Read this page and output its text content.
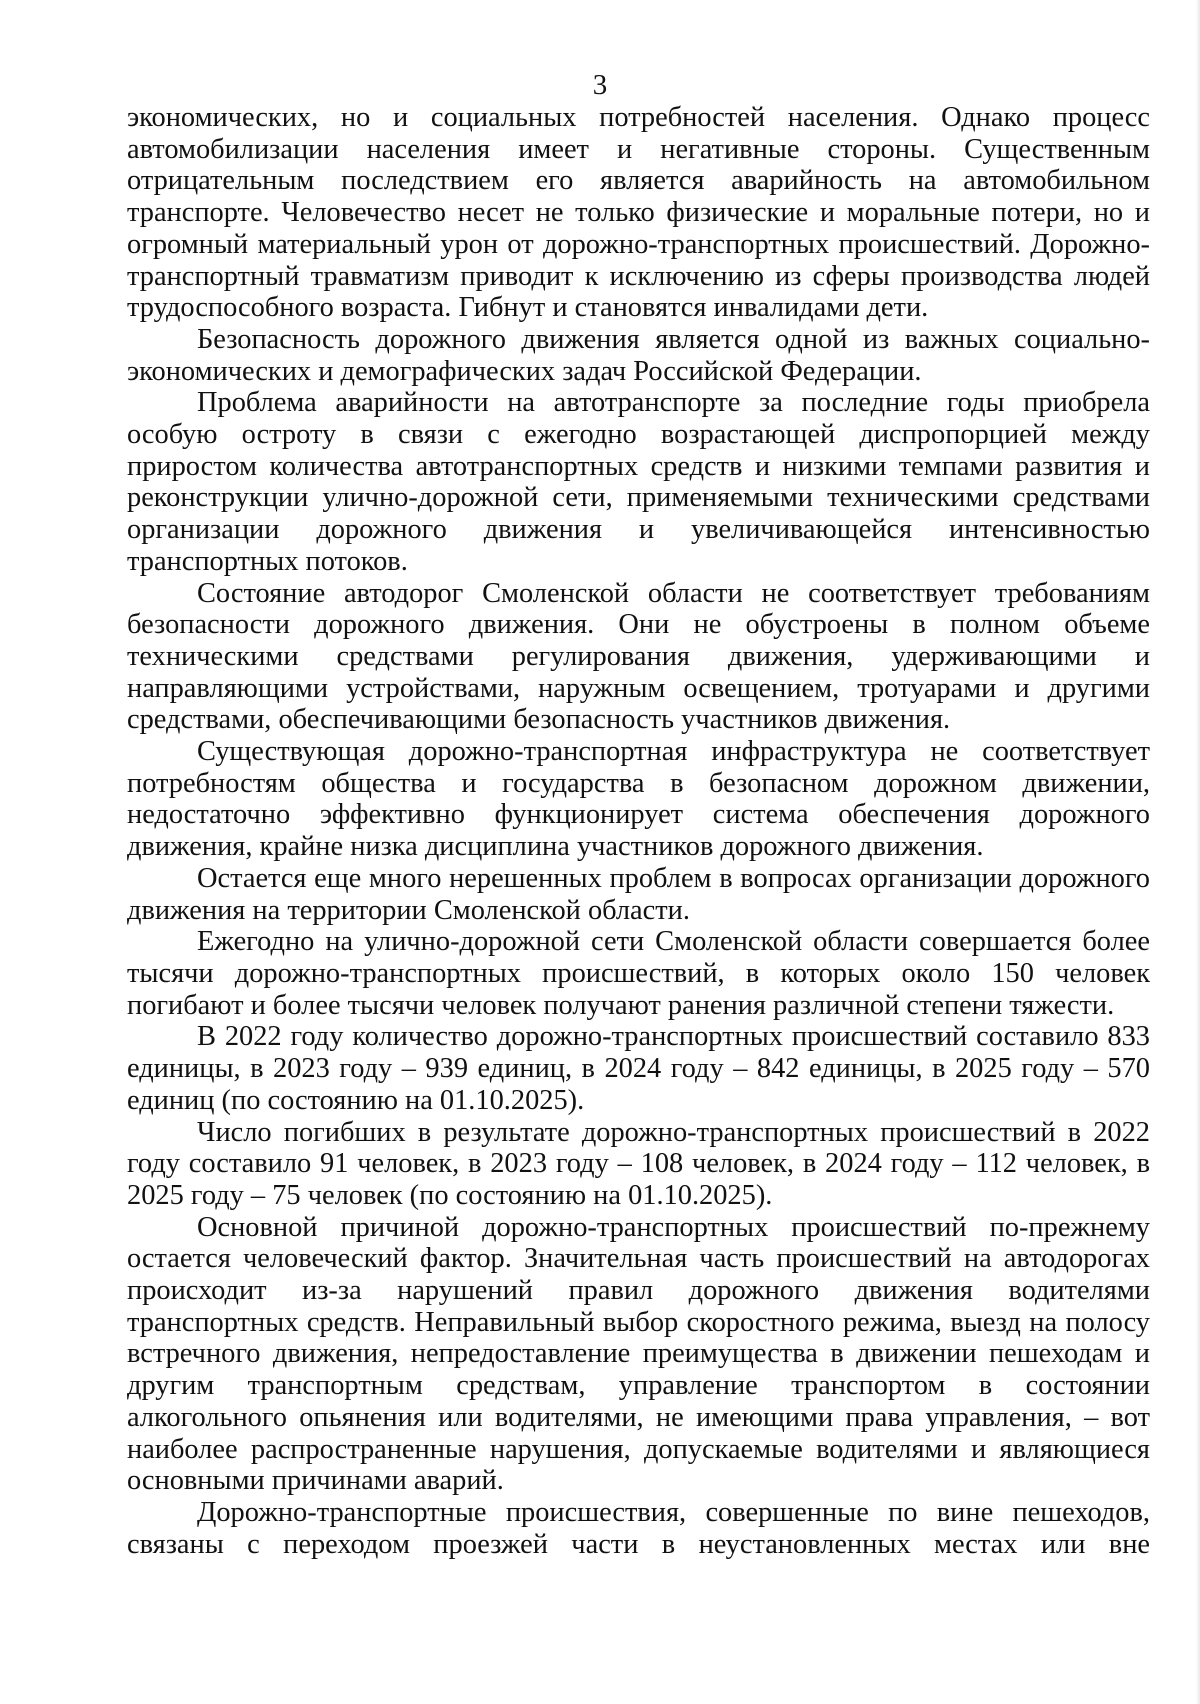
3

экономических, но и социальных потребностей населения. Однако процесс автомобилизации населения имеет и негативные стороны. Существенным отрицательным последствием его является аварийность на автомобильном транспорте. Человечество несет не только физические и моральные потери, но и огромный материальный урон от дорожно-транспортных происшествий. Дорожно-транспортный травматизм приводит к исключению из сферы производства людей трудоспособного возраста. Гибнут и становятся инвалидами дети.

Безопасность дорожного движения является одной из важных социально-экономических и демографических задач Российской Федерации.

Проблема аварийности на автотранспорте за последние годы приобрела особую остроту в связи с ежегодно возрастающей диспропорцией между приростом количества автотранспортных средств и низкими темпами развития и реконструкции улично-дорожной сети, применяемыми техническими средствами организации дорожного движения и увеличивающейся интенсивностью транспортных потоков.

Состояние автодорог Смоленской области не соответствует требованиям безопасности дорожного движения. Они не обустроены в полном объеме техническими средствами регулирования движения, удерживающими и направляющими устройствами, наружным освещением, тротуарами и другими средствами, обеспечивающими безопасность участников движения.

Существующая дорожно-транспортная инфраструктура не соответствует потребностям общества и государства в безопасном дорожном движении, недостаточно эффективно функционирует система обеспечения дорожного движения, крайне низка дисциплина участников дорожного движения.

Остается еще много нерешенных проблем в вопросах организации дорожного движения на территории Смоленской области.

Ежегодно на улично-дорожной сети Смоленской области совершается более тысячи дорожно-транспортных происшествий, в которых около 150 человек погибают и более тысячи человек получают ранения различной степени тяжести.

В 2022 году количество дорожно-транспортных происшествий составило 833 единицы, в 2023 году – 939 единиц, в 2024 году – 842 единицы, в 2025 году – 570 единиц (по состоянию на 01.10.2025).

Число погибших в результате дорожно-транспортных происшествий в 2022 году составило 91 человек, в 2023 году – 108 человек, в 2024 году – 112 человек, в 2025 году – 75 человек (по состоянию на 01.10.2025).

Основной причиной дорожно-транспортных происшествий по-прежнему остается человеческий фактор. Значительная часть происшествий на автодорогах происходит из-за нарушений правил дорожного движения водителями транспортных средств. Неправильный выбор скоростного режима, выезд на полосу встречного движения, непредоставление преимущества в движении пешеходам и другим транспортным средствам, управление транспортом в состоянии алкогольного опьянения или водителями, не имеющими права управления, – вот наиболее распространенные нарушения, допускаемые водителями и являющиеся основными причинами аварий.

Дорожно-транспортные происшествия, совершенные по вине пешеходов, связаны с переходом проезжей части в неустановленных местах или вне
